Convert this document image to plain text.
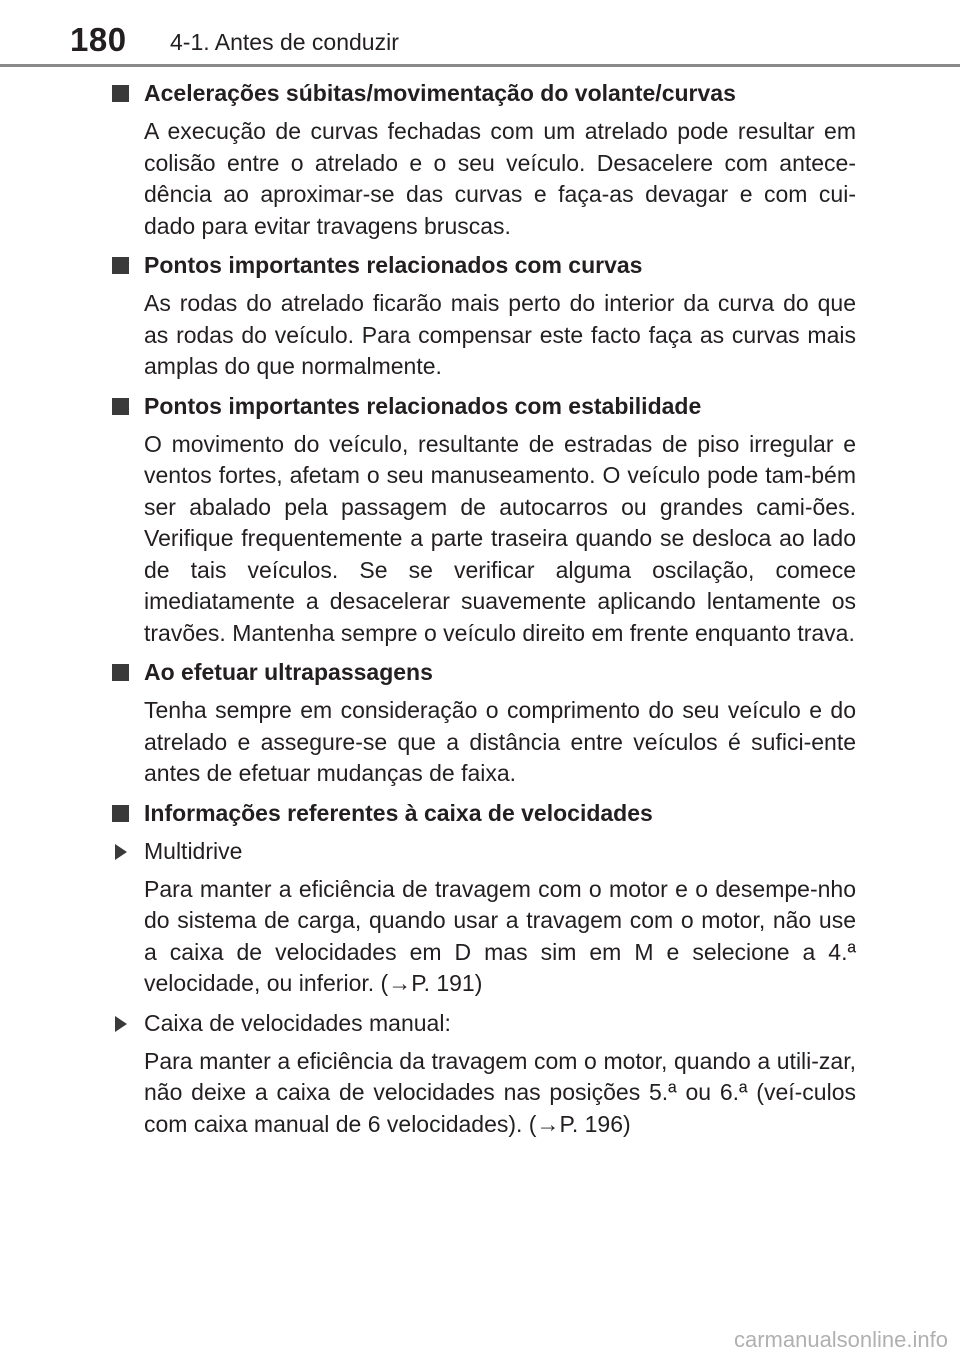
180 4-1. Antes de conduzir
Acelerações súbitas/movimentação do volante/curvas

A execução de curvas fechadas com um atrelado pode resultar em colisão entre o atrelado e o seu veículo. Desacelere com antece-dência ao aproximar-se das curvas e faça-as devagar e com cui-dado para evitar travagens bruscas.

Pontos importantes relacionados com curvas

As rodas do atrelado ficarão mais perto do interior da curva do que as rodas do veículo. Para compensar este facto faça as curvas mais amplas do que normalmente.

Pontos importantes relacionados com estabilidade

O movimento do veículo, resultante de estradas de piso irregular e ventos fortes, afetam o seu manuseamento. O veículo pode tam-bém ser abalado pela passagem de autocarros ou grandes cami-ões. Verifique frequentemente a parte traseira quando se desloca ao lado de tais veículos. Se se verificar alguma oscilação, comece imediatamente a desacelerar suavemente aplicando lentamente os travões. Mantenha sempre o veículo direito em frente enquanto trava.

Ao efetuar ultrapassagens

Tenha sempre em consideração o comprimento do seu veículo e do atrelado e assegure-se que a distância entre veículos é sufici-ente antes de efetuar mudanças de faixa.

Informações referentes à caixa de velocidades
Multidrive

Para manter a eficiência de travagem com o motor e o desempe-nho do sistema de carga, quando usar a travagem com o motor, não use a caixa de velocidades em D mas sim em M e selecione a 4.ª velocidade, ou inferior. (→P. 191)

Caixa de velocidades manual:

Para manter a eficiência da travagem com o motor, quando a utili-zar, não deixe a caixa de velocidades nas posições 5.ª ou 6.ª (veí-culos com caixa manual de 6 velocidades). (→P. 196)

carmanualsonline.info
